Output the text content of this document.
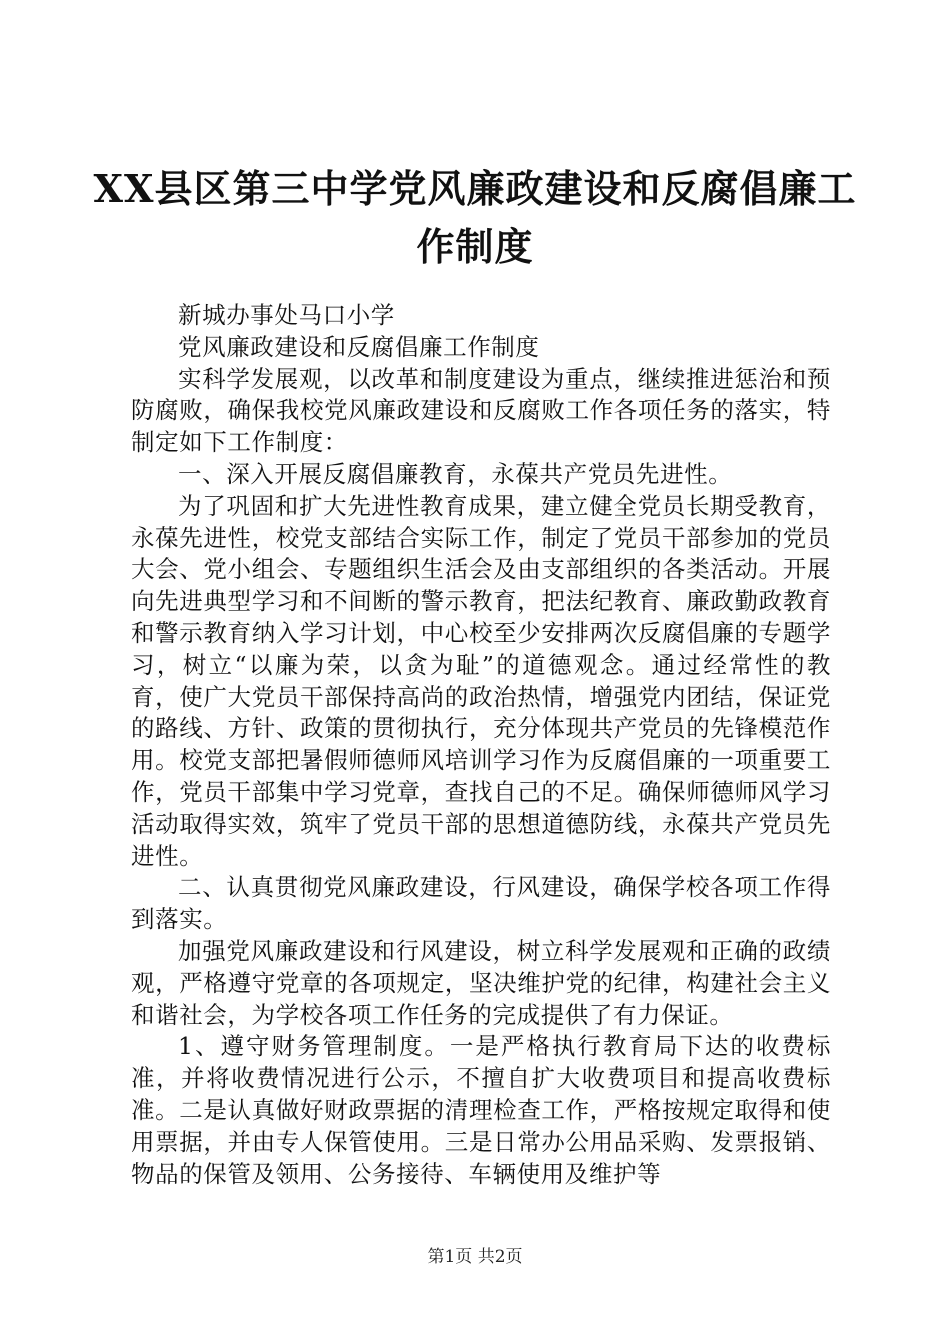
XX县区第三中学党风廉政建设和反腐倡廉工
作制度

新城办事处马口小学

党风廉政建设和反腐倡廉工作制度

实科学发展观，以改革和制度建设为重点，继续推进惩治和预防腐败，确保我校党风廉政建设和反腐败工作各项任务的落实，特制定如下工作制度：

一、深入开展反腐倡廉教育，永葆共产党员先进性。

为了巩固和扩大先进性教育成果，建立健全党员长期受教育，永葆先进性，校党支部结合实际工作，制定了党员干部参加的党员大会、党小组会、专题组织生活会及由支部组织的各类活动。开展向先进典型学习和不间断的警示教育，把法纪教育、廉政勤政教育和警示教育纳入学习计划，中心校至少安排两次反腐倡廉的专题学习，树立“以廉为荣，以贪为耻”的道德观念。通过经常性的教育，使广大党员干部保持高尚的政治热情，增强党内团结，保证党的路线、方针、政策的贯彻执行，充分体现共产党员的先锋模范作用。校党支部把暑假师德师风培训学习作为反腐倡廉的一项重要工作，党员干部集中学习党章，查找自己的不足。确保师德师风学习活动取得实效，筑牢了党员干部的思想道德防线，永葆共产党员先进性。

二、认真贯彻党风廉政建设，行风建设，确保学校各项工作得到落实。

加强党风廉政建设和行风建设，树立科学发展观和正确的政绩观，严格遵守党章的各项规定，坚决维护党的纪律，构建社会主义和谐社会，为学校各项工作任务的完成提供了有力保证。

1、遵守财务管理制度。一是严格执行教育局下达的收费标准，并将收费情况进行公示，不擅自扩大收费项目和提高收费标准。二是认真做好财政票据的清理检查工作，严格按规定取得和使用票据，并由专人保管使用。三是日常办公用品采购、发票报销、物品的保管及领用、公务接待、车辆使用及维护等

第1页 共2页
